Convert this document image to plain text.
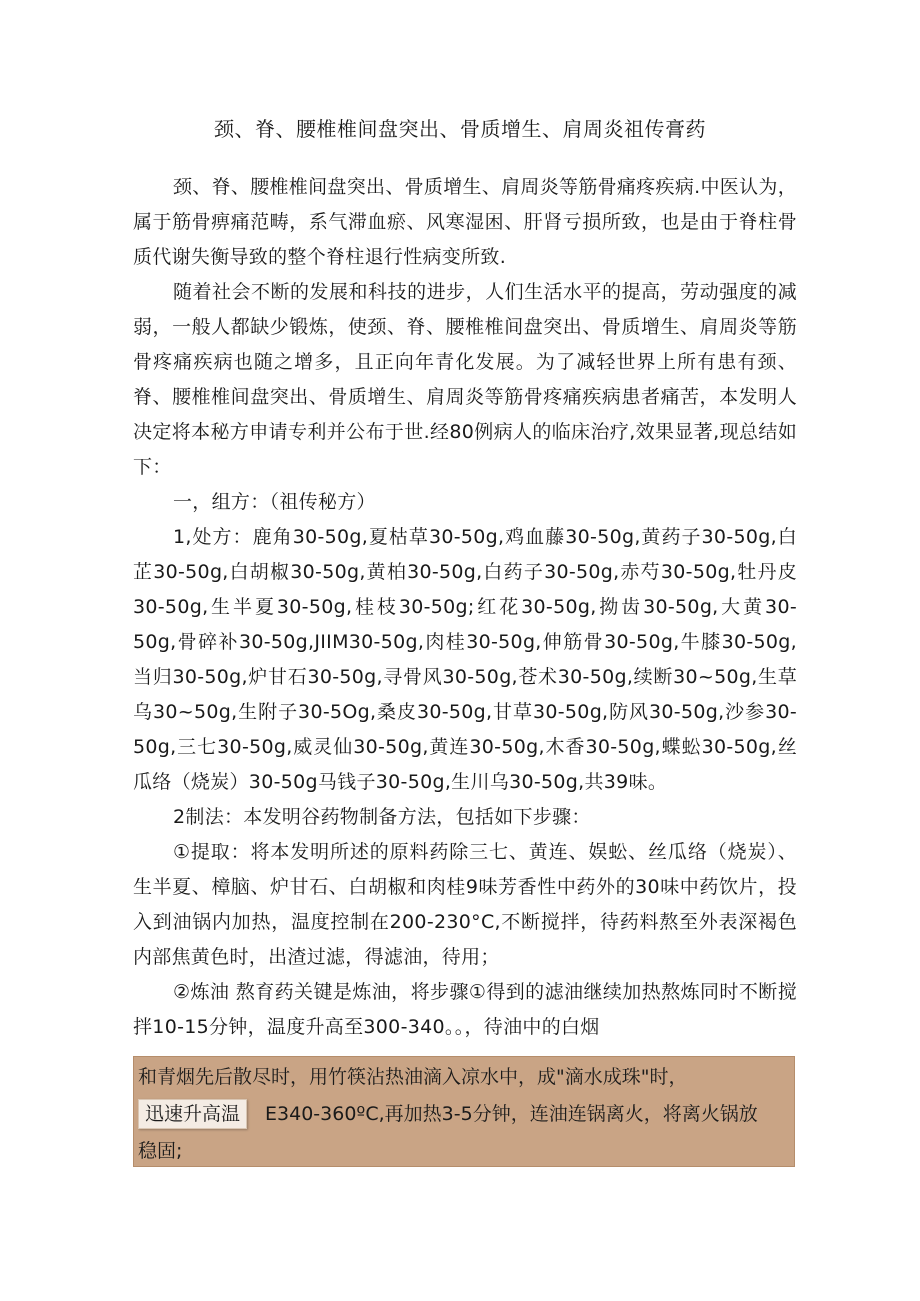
颈、脊、腰椎椎间盘突出、骨质增生、肩周炎祖传膏药

颈、脊、腰椎椎间盘突出、骨质增生、肩周炎等筋骨痛疼疾病.中医认为，属于筋骨痹痛范畴，系气滞血瘀、风寒湿困、肝肾亏损所致，也是由于脊柱骨质代谢失衡导致的整个脊柱退行性病变所致.

随着社会不断的发展和科技的进步，人们生活水平的提高，劳动强度的减弱，一般人都缺少锻炼，使颈、脊、腰椎椎间盘突出、骨质增生、肩周炎等筋骨疼痛疾病也随之增多，且正向年青化发展。为了减轻世界上所有患有颈、脊、腰椎椎间盘突出、骨质增生、肩周炎等筋骨疼痛疾病患者痛苦，本发明人决定将本秘方申请专利并公布于世.经80例病人的临床治疗,效果显著,现总结如下：

一，组方：（祖传秘方）

1,处方：鹿角30-50g,夏枯草30-50g,鸡血藤30-50g,黄药子30-50g,白芷30-50g,白胡椒30-50g,黄柏30-50g,白药子30-50g,赤芍30-50g,牡丹皮30-50g,生半夏30-50g,桂枝30-50g;红花30-50g,拗齿30-50g,大黄30-50g,骨碎补30-50g,JIIM30-50g,肉桂30-50g,伸筋骨30-50g,牛膝30-50g,当归30-50g,炉甘石30-50g,寻骨风30-50g,苍术30-50g,续断30~50g,生草乌30~50g,生附子30-5Og,桑皮30-50g,甘草30-50g,防风30-50g,沙参30-50g,三七30-50g,威灵仙30-50g,黄连30-50g,木香30-50g,蝶蚣30-50g,丝瓜络（烧炭）30-50g马钱子30-50g,生川乌30-50g,共39味。

2制法：本发明谷药物制备方法，包括如下步骤：

①提取：将本发明所述的原料药除三七、黄连、娱蚣、丝瓜络（烧炭）、生半夏、樟脑、炉甘石、白胡椒和肉桂9味芳香性中药外的30味中药饮片，投入到油锅内加热，温度控制在200-230°C,不断搅拌，待药料熬至外表深褐色内部焦黄色时，出渣过滤，得滤油，待用；

②炼油 熬育药关键是炼油，将步骤①得到的滤油继续加热熬炼同时不断搅拌10-15分钟，温度升高至300-340。。，待油中的白烟

和青烟先后散尽时，用竹筷沾热油滴入凉水中，成"滴水成珠"时，
迅速升高温 E340-360ºC,再加热3-5分钟，连油连锅离火，将离火锅放
稳固;
